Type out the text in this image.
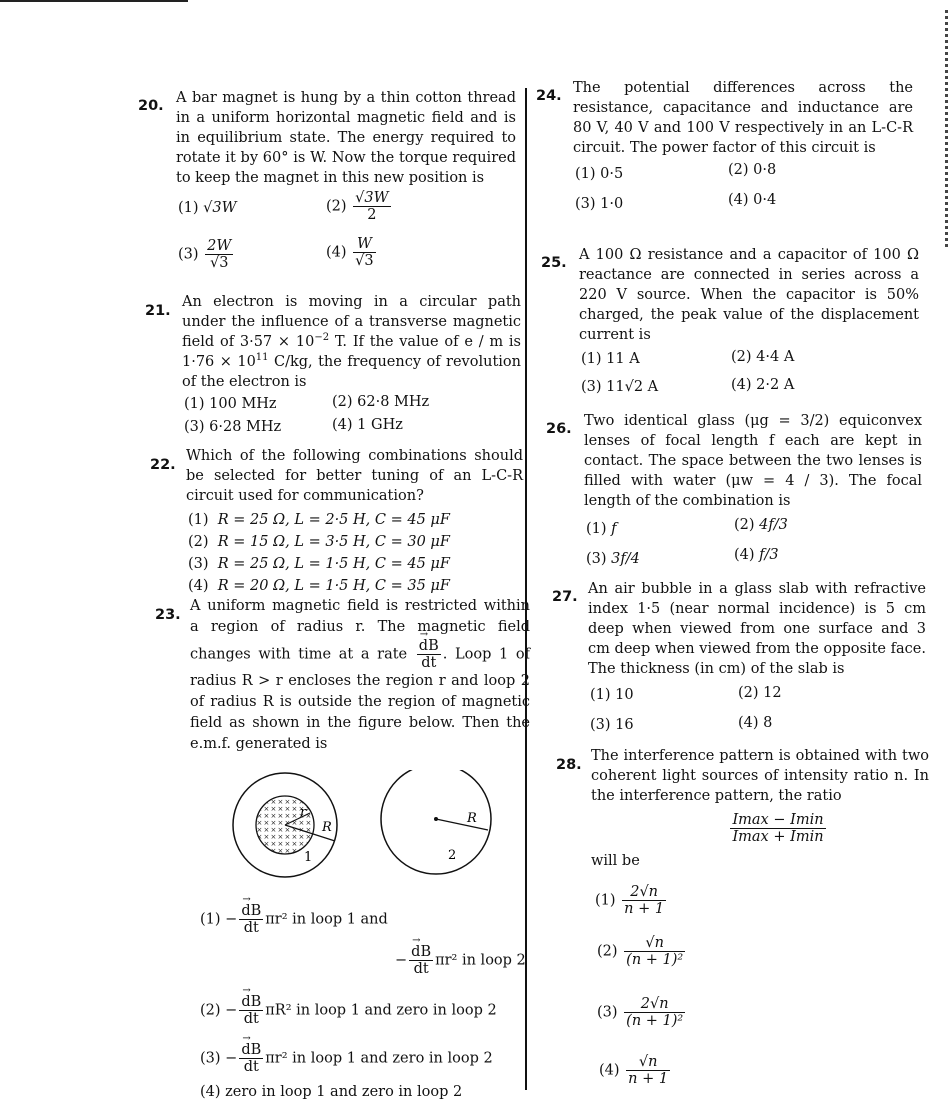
20. A bar magnet is hung by a thin cotton thread in a uniform horizontal magnetic field and is in equilibrium state. The energy required to rotate it by 60° is W. Now the torque required to keep the magnet in this new position is
(1) √3W	$(2) \frac{√3W}{2}$
$(3) \frac{2W}{√3}$	$(4) \frac{W}{√3}$
21.
An electron is moving in a circular path under the influence of a transverse magnetic field of $3\cdot 57 \times 10^{-2}$ T. If the value of e / m is $1\cdot 76 \times 10^{11}$ C/kg, the frequency of revolution of the electron is
(1) 100 MHz	(2) 62·8 MHz
(3) 6·28 MHz	(4) 1 GHz
22.
Which of the following combinations should be selected for better tuning of an L-C-R circuit used for communication?
(1) R = 25 Ω, L = 2·5 H, C = 45 μF
(2) R = 15 Ω, L = 3·5 H, C = 30 μF
(3) R = 25 Ω, L = 1·5 H, C = 45 μF
(4) R = 20 Ω, L = 1·5 H, C = 35 μF
23.
A uniform magnetic field is restricted within a region of radius r. The magnetic field changes with time at a rate → $\frac{dB}{dt}$ . Loop 1 of radius R > r encloses the region r and loop 2 of radius R is outside the region of magnetic field as shown in the figure below. Then the e.m.f. generated is
r
R
1
R
2
(1) − → $\frac{dB}{dt} \pi r^2$ in loop 1 and
− → $\frac{dB}{dt} \pi r^2$ in loop 2
(2) − → $\frac{dB}{dt} \pi R^2$ in loop 1 and zero in loop 2
(3) − → $\frac{dB}{dt} \pi r^2$ in loop 1 and zero in loop 2
(4) zero in loop 1 and zero in loop 2
24. The potential differences across the resistance, capacitance and inductance are 80 V, 40 V and 100 V respectively in an L-C-R circuit. The power factor of this circuit is
(1) 0·5	(2) 0·8
(3) 1·0	(4) 0·4
25. A 100 Ω resistance and a capacitor of 100 Ω reactance are connected in series across a 220 V source. When the capacitor is 50% charged, the peak value of the displacement current is
(1) 11 A	(2) 4·4 A
(3) 11√2 A	(4) 2·2 A
26. Two identical glass (μg = 3/2) equiconvex lenses of focal length f each are kept in contact. The space between the two lenses is filled with water (μw = 4 / 3). The focal length of the combination is
(1) f	(2) 4f/3
(3) 3f/4	(4) f/3
27. An air bubble in a glass slab with refractive index 1·5 (near normal incidence) is 5 cm deep when viewed from one surface and 3 cm deep when viewed from the opposite face. The thickness (in cm) of the slab is
(1) 10	(2) 12
(3) 16	(4) 8
28.
The interference pattern is obtained with two coherent light sources of intensity ratio n. In the interference pattern, the ratio
$\frac{Imax - Imin}{Imax + Imin}$
will be
$(1) \frac{2√n}{n + 1}$
$(2) \frac{√n}{\text{(n + 1)²}}$
$(3) \frac{2√n}{\text{(n + 1)²}}$
$(4) \frac{√n}{n + 1}$
